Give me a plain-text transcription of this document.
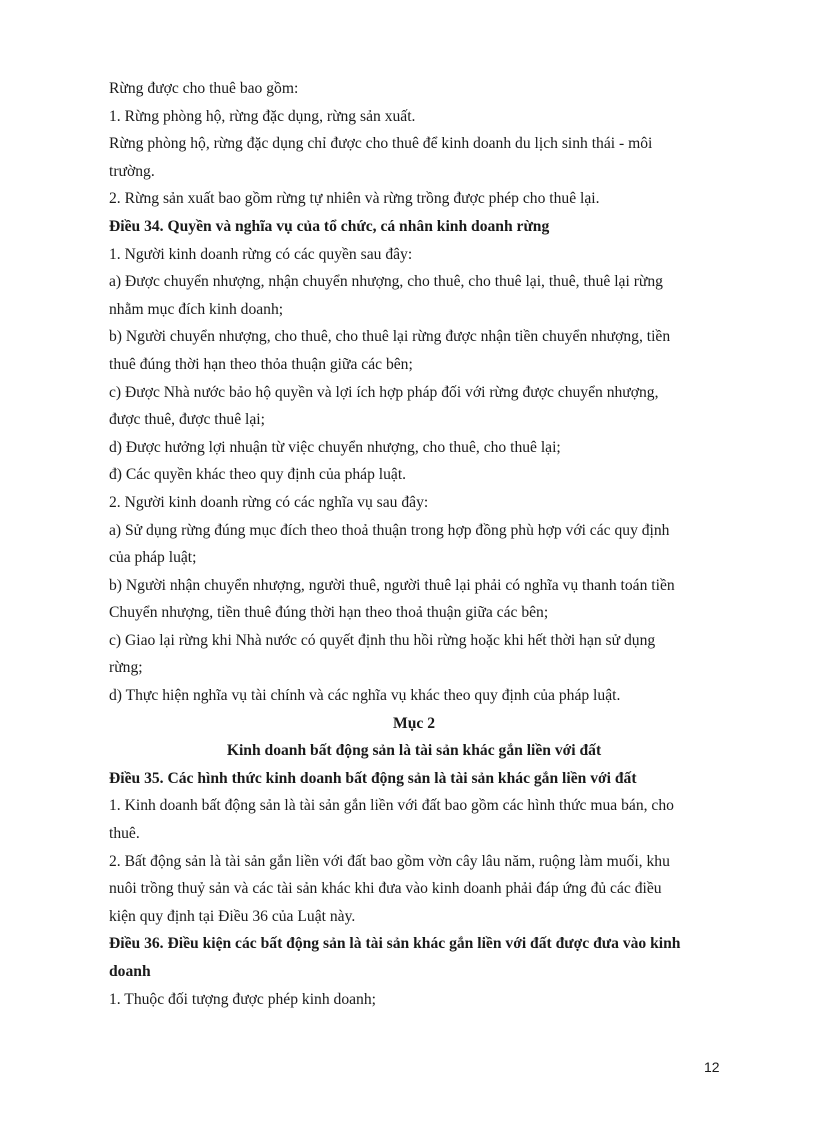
Rừng được cho thuê bao gồm:

1. Rừng phòng hộ, rừng đặc dụng, rừng sản xuất.

Rừng phòng hộ, rừng đặc dụng chỉ được cho thuê để kinh doanh du lịch sinh thái - môi

trường.

2. Rừng sản xuất bao gồm rừng tự nhiên và rừng trồng được phép cho thuê lại.

Điều 34. Quyền và nghĩa vụ của tổ chức, cá nhân kinh doanh rừng

1. Người kinh doanh rừng có các quyền sau đây:

a) Được chuyển nhượng, nhận chuyển nhượng, cho thuê, cho thuê lại, thuê, thuê lại rừng

nhằm mục đích kinh doanh;

b) Người chuyển nhượng, cho thuê, cho thuê lại rừng được nhận tiền chuyển nhượng, tiền

thuê đúng thời hạn theo thỏa thuận giữa các bên;

c) Được Nhà nước bảo hộ quyền và lợi ích hợp pháp đối với rừng được chuyển nhượng,

được thuê, được thuê lại;

d) Được hưởng lợi nhuận từ việc chuyển nhượng, cho thuê, cho thuê lại;

đ) Các quyền khác theo quy định của pháp luật.

2. Người kinh doanh rừng có các nghĩa vụ sau đây:

a) Sử dụng rừng đúng mục đích theo thoả thuận trong hợp đồng phù hợp với các quy định

của pháp luật;

b) Người nhận chuyển nhượng, người thuê, người thuê lại phải có nghĩa vụ thanh toán tiền

Chuyển nhượng, tiền thuê đúng thời hạn theo thoả thuận giữa các bên;

c) Giao lại rừng khi Nhà nước có quyết định thu hồi rừng hoặc khi hết thời hạn sử dụng

rừng;

d) Thực hiện nghĩa vụ tài chính và các nghĩa vụ khác theo quy định của pháp luật.

Mục 2

Kinh doanh bất động sản là tài sản khác gắn liền với đất

Điều 35. Các hình thức kinh doanh bất động sản là tài sản khác gắn liền với đất

1. Kinh doanh bất động sản là tài sản gắn liền với đất bao gồm các hình thức mua bán, cho

thuê.

2. Bất động sản là tài sản gắn liền với đất bao gồm vờn cây lâu năm, ruộng làm muối, khu

nuôi trồng thuỷ sản và các tài sản khác khi đưa vào kinh doanh phải đáp ứng đủ các điều

kiện quy định tại Điều 36 của Luật này.

Điều 36. Điều kiện các bất động sản là tài sản khác gắn liền với đất được đưa vào kinh

doanh

1. Thuộc đối tượng được phép kinh doanh;

12
